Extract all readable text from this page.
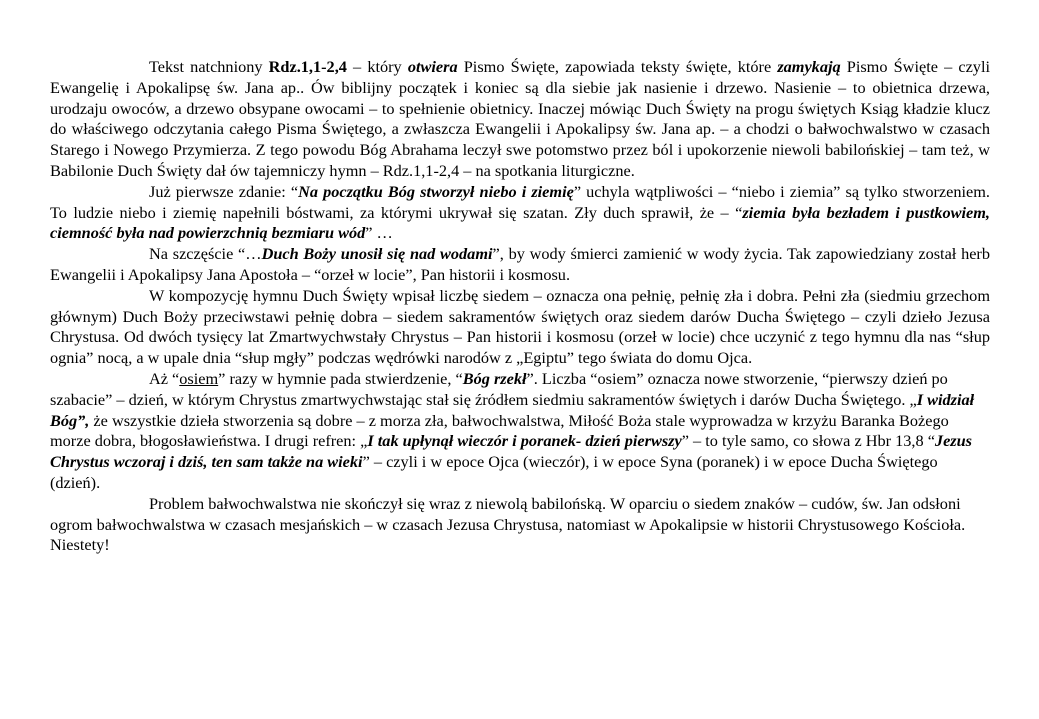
Tekst natchniony Rdz.1,1-2,4 – który otwiera Pismo Święte, zapowiada teksty święte, które zamykają Pismo Święte – czyli Ewangelię i Apokalipsę św. Jana ap.. Ów biblijny początek i koniec są dla siebie jak nasienie i drzewo. Nasienie – to obietnica drzewa, urodzaju owoców, a drzewo obsypane owocami – to spełnienie obietnicy. Inaczej mówiąc Duch Święty na progu świętych Ksiąg kładzie klucz do właściwego odczytania całego Pisma Świętego, a zwłaszcza Ewangelii i Apokalipsy św. Jana ap. – a chodzi o bałwochwalstwo w czasach Starego i Nowego Przymierza. Z tego powodu Bóg Abrahama leczył swe potomstwo przez ból i upokorzenie niewoli babilońskiej – tam też, w Babilonie Duch Święty dał ów tajemniczy hymn – Rdz.1,1-2,4 – na spotkania liturgiczne.

Już pierwsze zdanie: “Na początku Bóg stworzył niebo i ziemię” uchyla wątpliwości – “niebo i ziemia” są tylko stworzeniem. To ludzie niebo i ziemię napełnili bóstwami, za którymi ukrywał się szatan. Zły duch sprawił, że – “ziemia była bezładem i pustkowiem, ciemność była nad powierzchnią bezmiaru wód” …

Na szczęście “…Duch Boży unosił się nad wodami”, by wody śmierci zamienić w wody życia. Tak zapowiedziany został herb Ewangelii i Apokalipsy Jana Apostoła – “orzeł w locie”, Pan historii i kosmosu.

W kompozycję hymnu Duch Święty wpisał liczbę siedem – oznacza ona pełnię, pełnię zła i dobra. Pełni zła (siedmiu grzechom głównym) Duch Boży przeciwstawi pełnię dobra – siedem sakramentów świętych oraz siedem darów Ducha Świętego – czyli dzieło Jezusa Chrystusa. Od dwóch tysięcy lat Zmartwychwstały Chrystus – Pan historii i kosmosu (orzeł w locie) chce uczynić z tego hymnu dla nas “słup ognia” nocą, a w upale dnia “słup mgły” podczas wędrówki narodów z „Egiptu” tego świata do domu Ojca.

Aż “osiem” razy w hymnie pada stwierdzenie, “Bóg rzekł”. Liczba “osiem” oznacza nowe stworzenie, “pierwszy dzień po szabacie” – dzień, w którym Chrystus zmartwychwstając stał się źródłem siedmiu sakramentów świętych i darów Ducha Świętego. „I widział Bóg”, że wszystkie dzieła stworzenia są dobre – z morza zła, bałwochwalstwa, Miłość Boża stale wyprowadza w krzyżu Baranka Bożego morze dobra, błogosławieństwa. I drugi refren: „I tak upłynął wieczór i poranek- dzień pierwszy” – to tyle samo, co słowa z Hbr 13,8 “Jezus Chrystus wczoraj i dziś, ten sam także na wieki” – czyli i w epoce Ojca (wieczór), i w epoce Syna (poranek) i w epoce Ducha Świętego (dzień).

Problem bałwochwalstwa nie skończył się wraz z niewolą babilońską. W oparciu o siedem znaków – cudów, św. Jan odsłoni ogrom bałwochwalstwa w czasach mesjańskich – w czasach Jezusa Chrystusa, natomiast w Apokalipsie w historii Chrystusowego Kościoła. Niestety!
